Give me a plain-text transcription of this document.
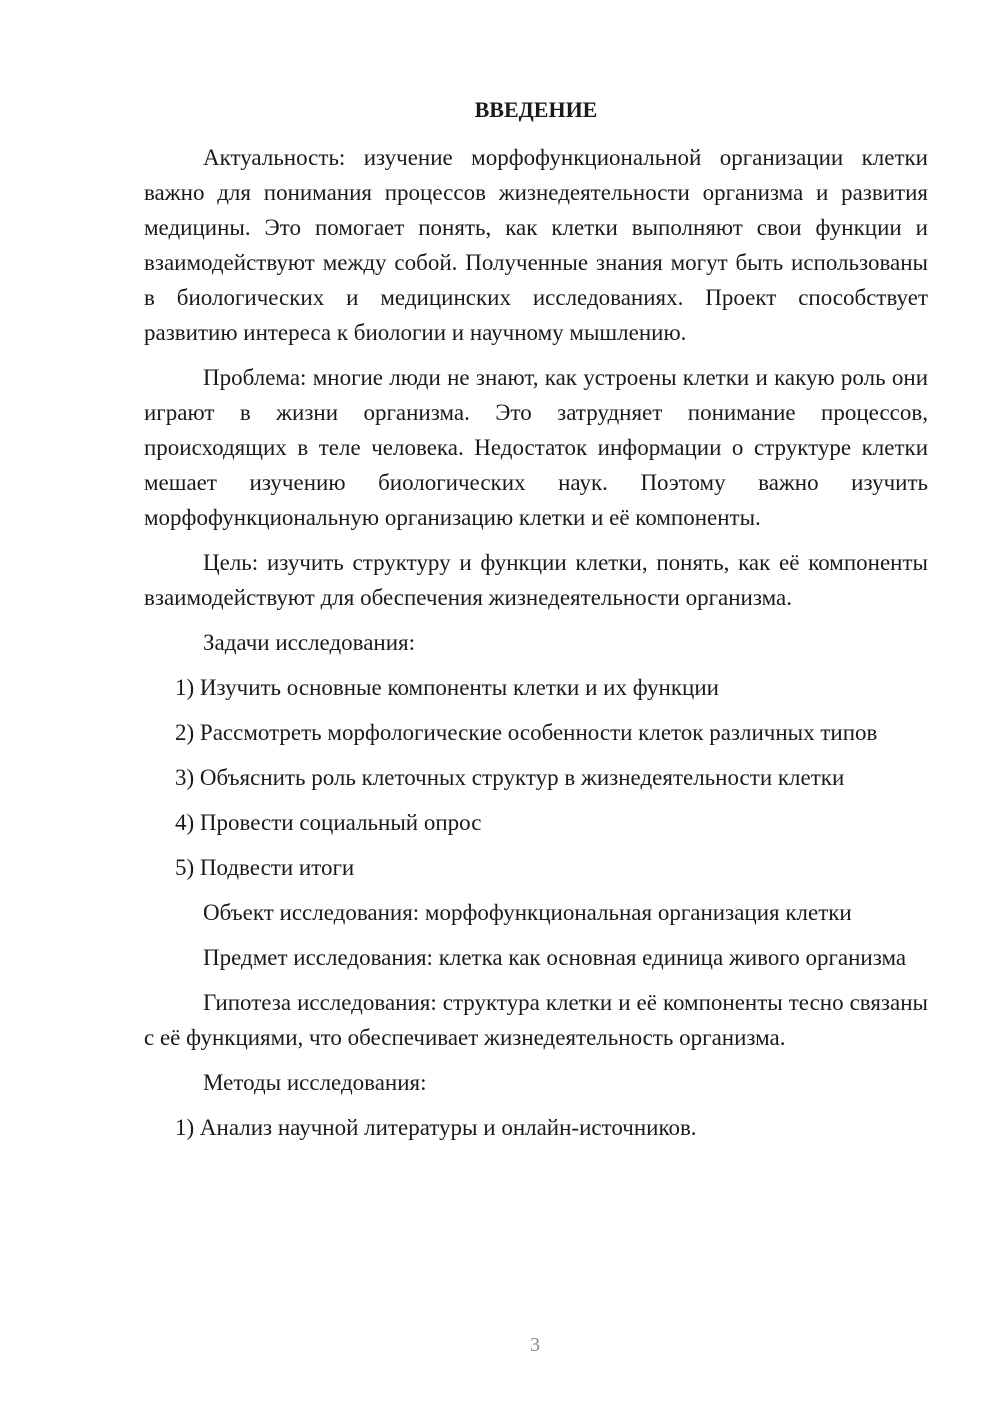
ВВЕДЕНИЕ

Актуальность: изучение морфофункциональной организации клетки важно для понимания процессов жизнедеятельности организма и развития медицины. Это помогает понять, как клетки выполняют свои функции и взаимодействуют между собой. Полученные знания могут быть использованы в биологических и медицинских исследованиях. Проект способствует развитию интереса к биологии и научному мышлению.

Проблема: многие люди не знают, как устроены клетки и какую роль они играют в жизни организма. Это затрудняет понимание процессов, происходящих в теле человека. Недостаток информации о структуре клетки мешает изучению биологических наук. Поэтому важно изучить морфофункциональную организацию клетки и её компоненты.

Цель: изучить структуру и функции клетки, понять, как её компоненты взаимодействуют для обеспечения жизнедеятельности организма.

Задачи исследования:

1) Изучить основные компоненты клетки и их функции

2) Рассмотреть морфологические особенности клеток различных типов

3) Объяснить роль клеточных структур в жизнедеятельности клетки

4) Провести социальный опрос

5) Подвести итоги

Объект исследования: морфофункциональная организация клетки

Предмет исследования: клетка как основная единица живого организма

Гипотеза исследования: структура клетки и её компоненты тесно связаны с её функциями, что обеспечивает жизнедеятельность организма.

Методы исследования:

1) Анализ научной литературы и онлайн-источников.

3
